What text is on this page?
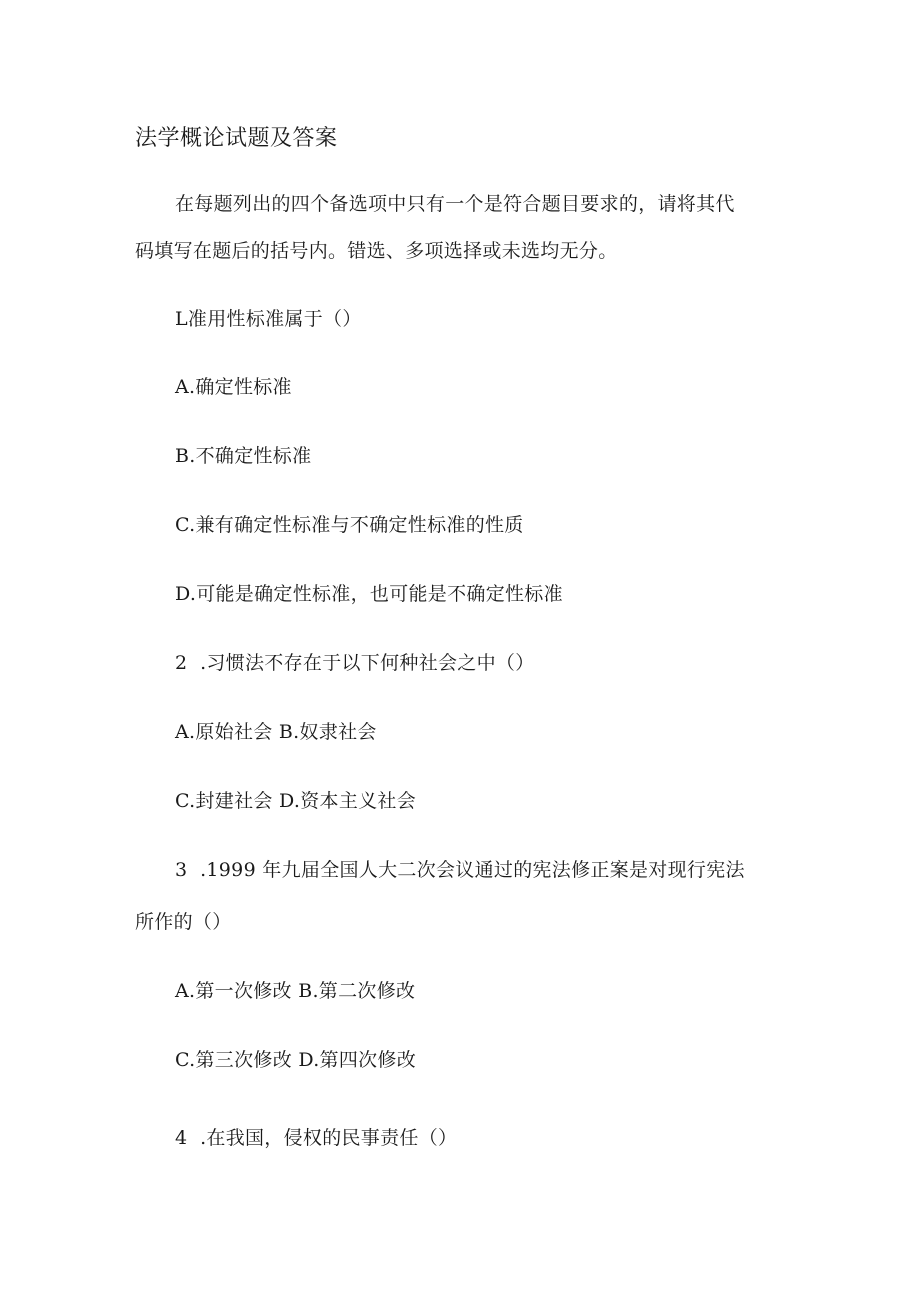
法学概论试题及答案
在每题列出的四个备选项中只有一个是符合题目要求的，请将其代
码填写在题后的括号内。错选、多项选择或未选均无分。
L准用性标准属于（）
A.确定性标准
B.不确定性标准
C.兼有确定性标准与不确定性标准的性质
D.可能是确定性标准，也可能是不确定性标准
2  .习惯法不存在于以下何种社会之中（）
A.原始社会 B.奴隶社会
C.封建社会 D.资本主义社会
3  .1999 年九届全国人大二次会议通过的宪法修正案是对现行宪法
所作的（）
A.第一次修改 B.第二次修改
C.第三次修改 D.第四次修改
4  .在我国，侵权的民事责任（）
